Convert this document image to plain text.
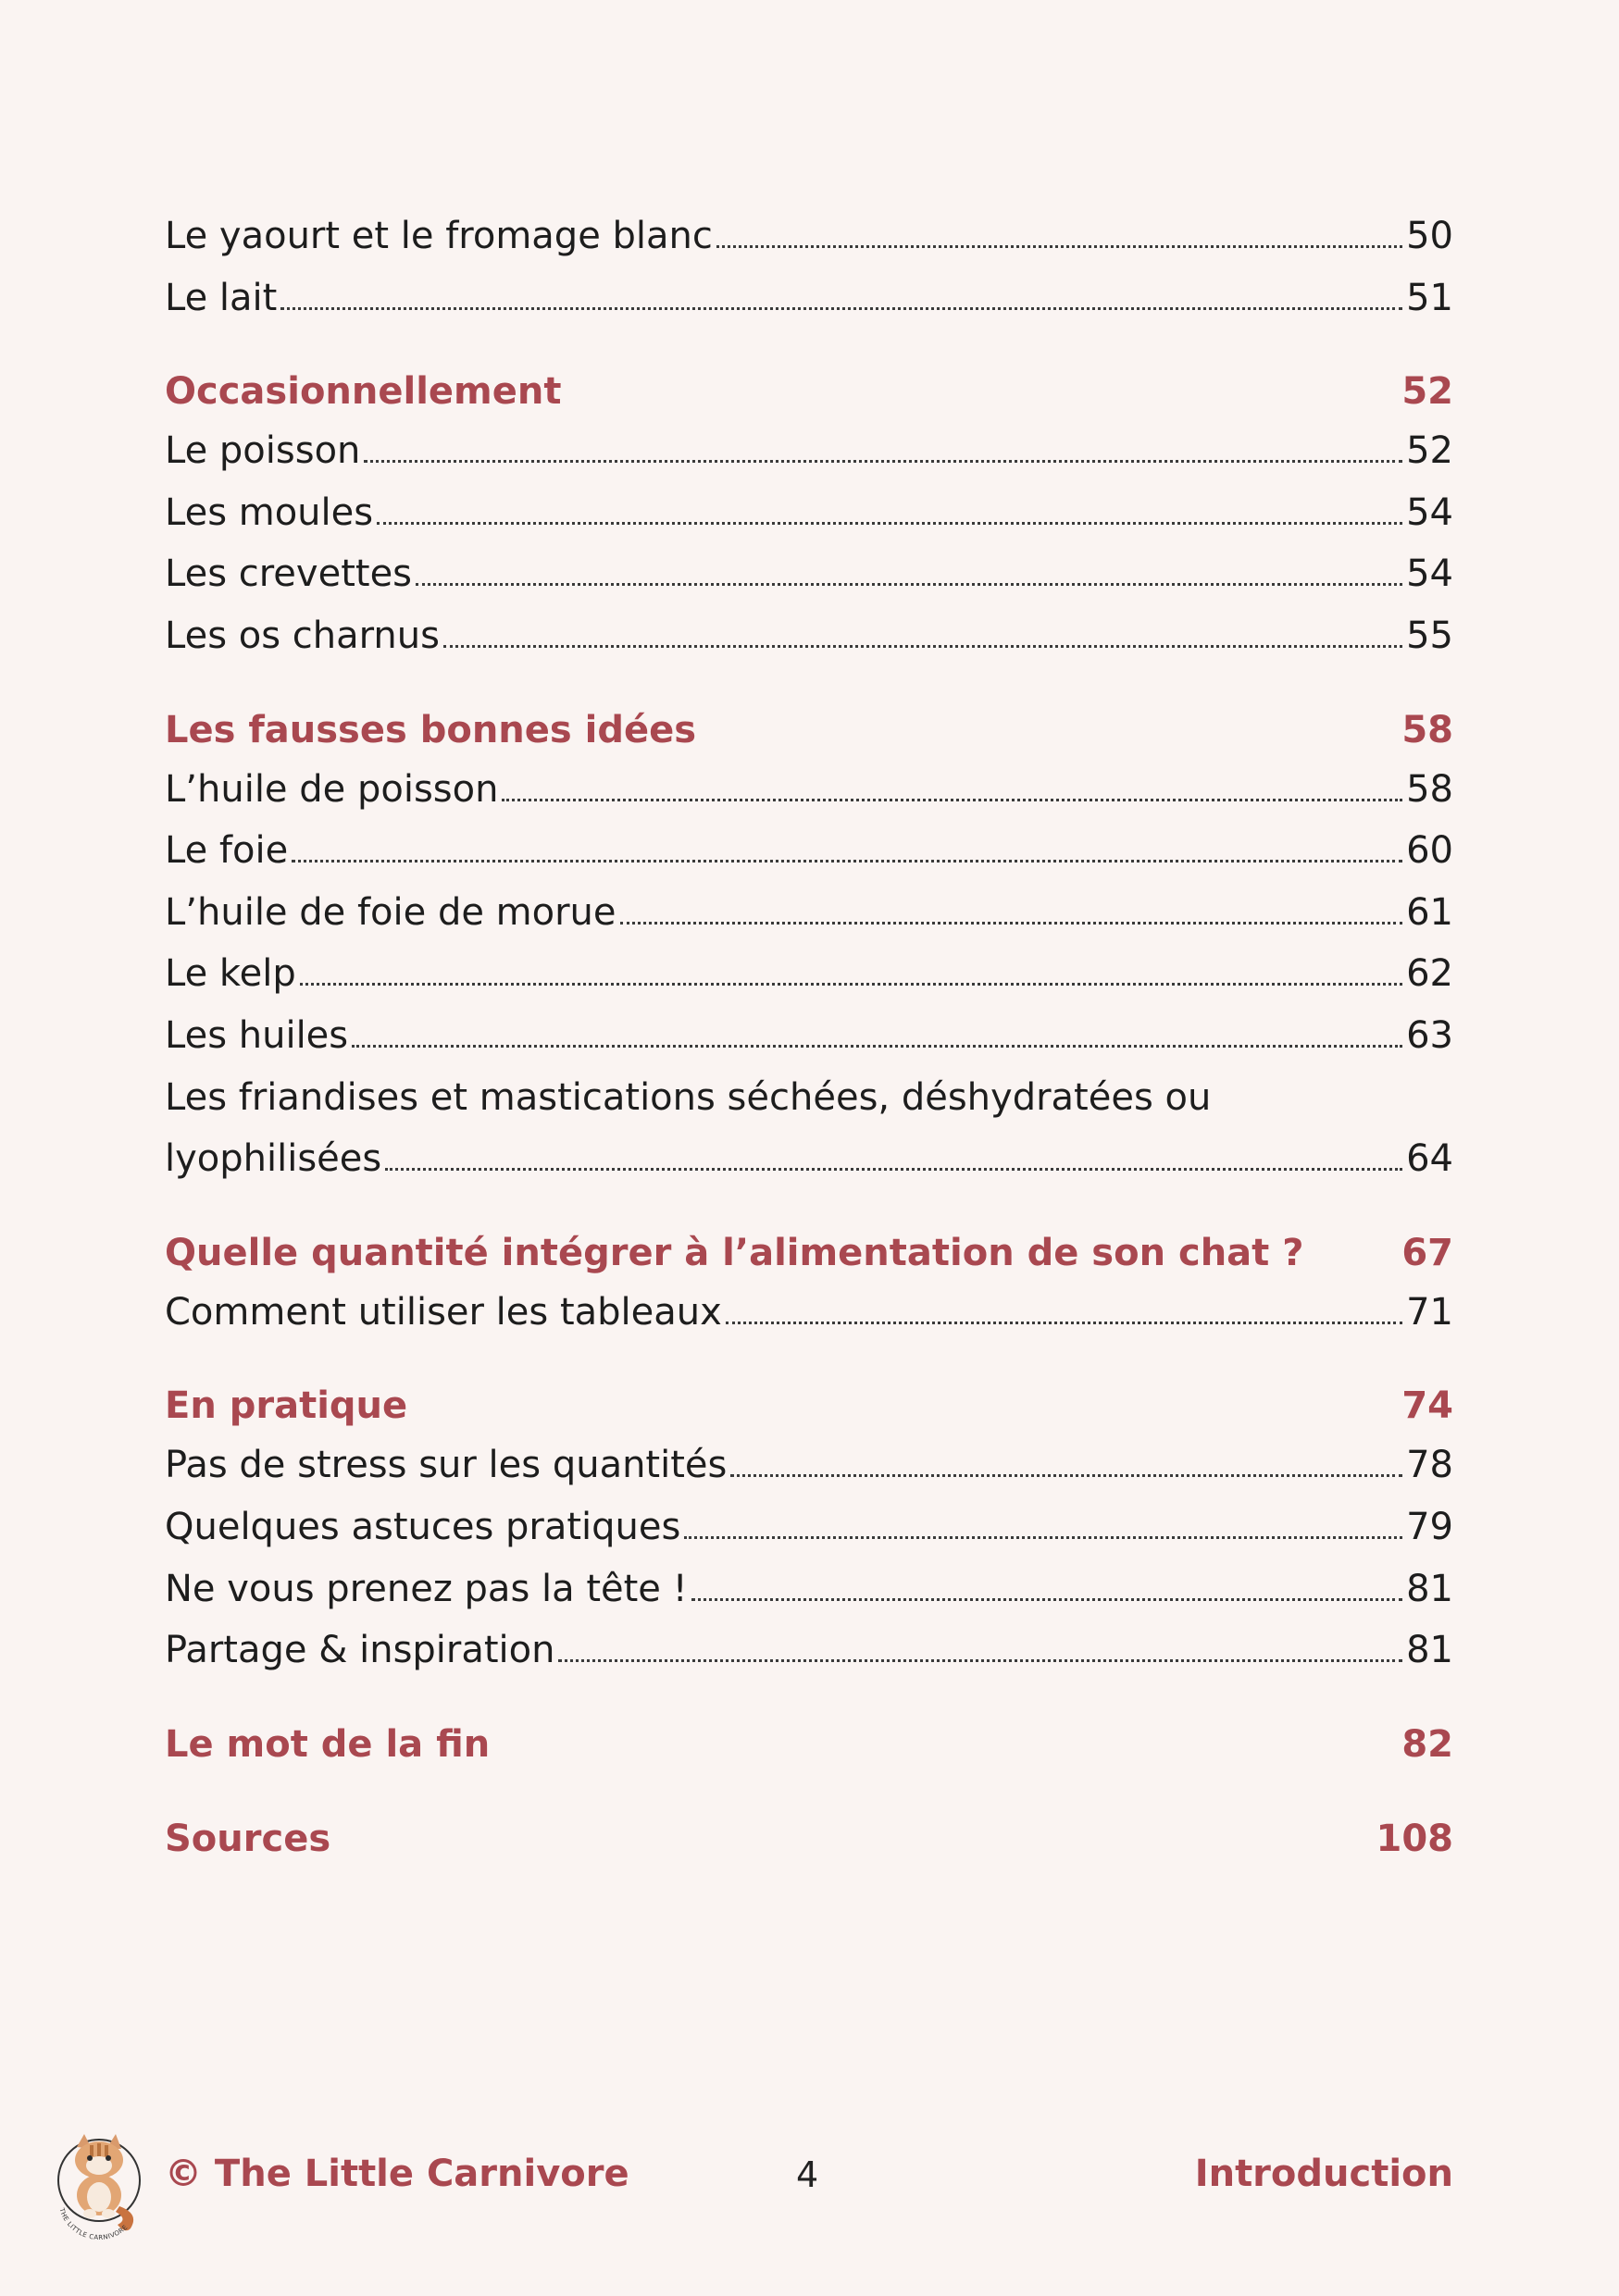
Le yaourt et le fromage blanc	50
Le lait	51
Occasionnellement	52
Le poisson	52
Les moules	54
Les crevettes	54
Les os charnus	55
Les fausses bonnes idées	58
L’huile de poisson	58
Le foie	60
L’huile de foie de morue	61
Le kelp	62
Les huiles	63
Les friandises et mastications séchées, déshydratées ou
lyophilisées	64
Quelle quantité intégrer à l’alimentation de son chat ?	67
Comment utiliser les tableaux	71
En pratique	74
Pas de stress sur les quantités	78
Quelques astuces pratiques	79
Ne vous prenez pas la tête !	81
Partage & inspiration	81
Le mot de la fin	82
Sources	108
THE LITTLE CARNIVORE
© The Little Carnivore	4	Introduction
